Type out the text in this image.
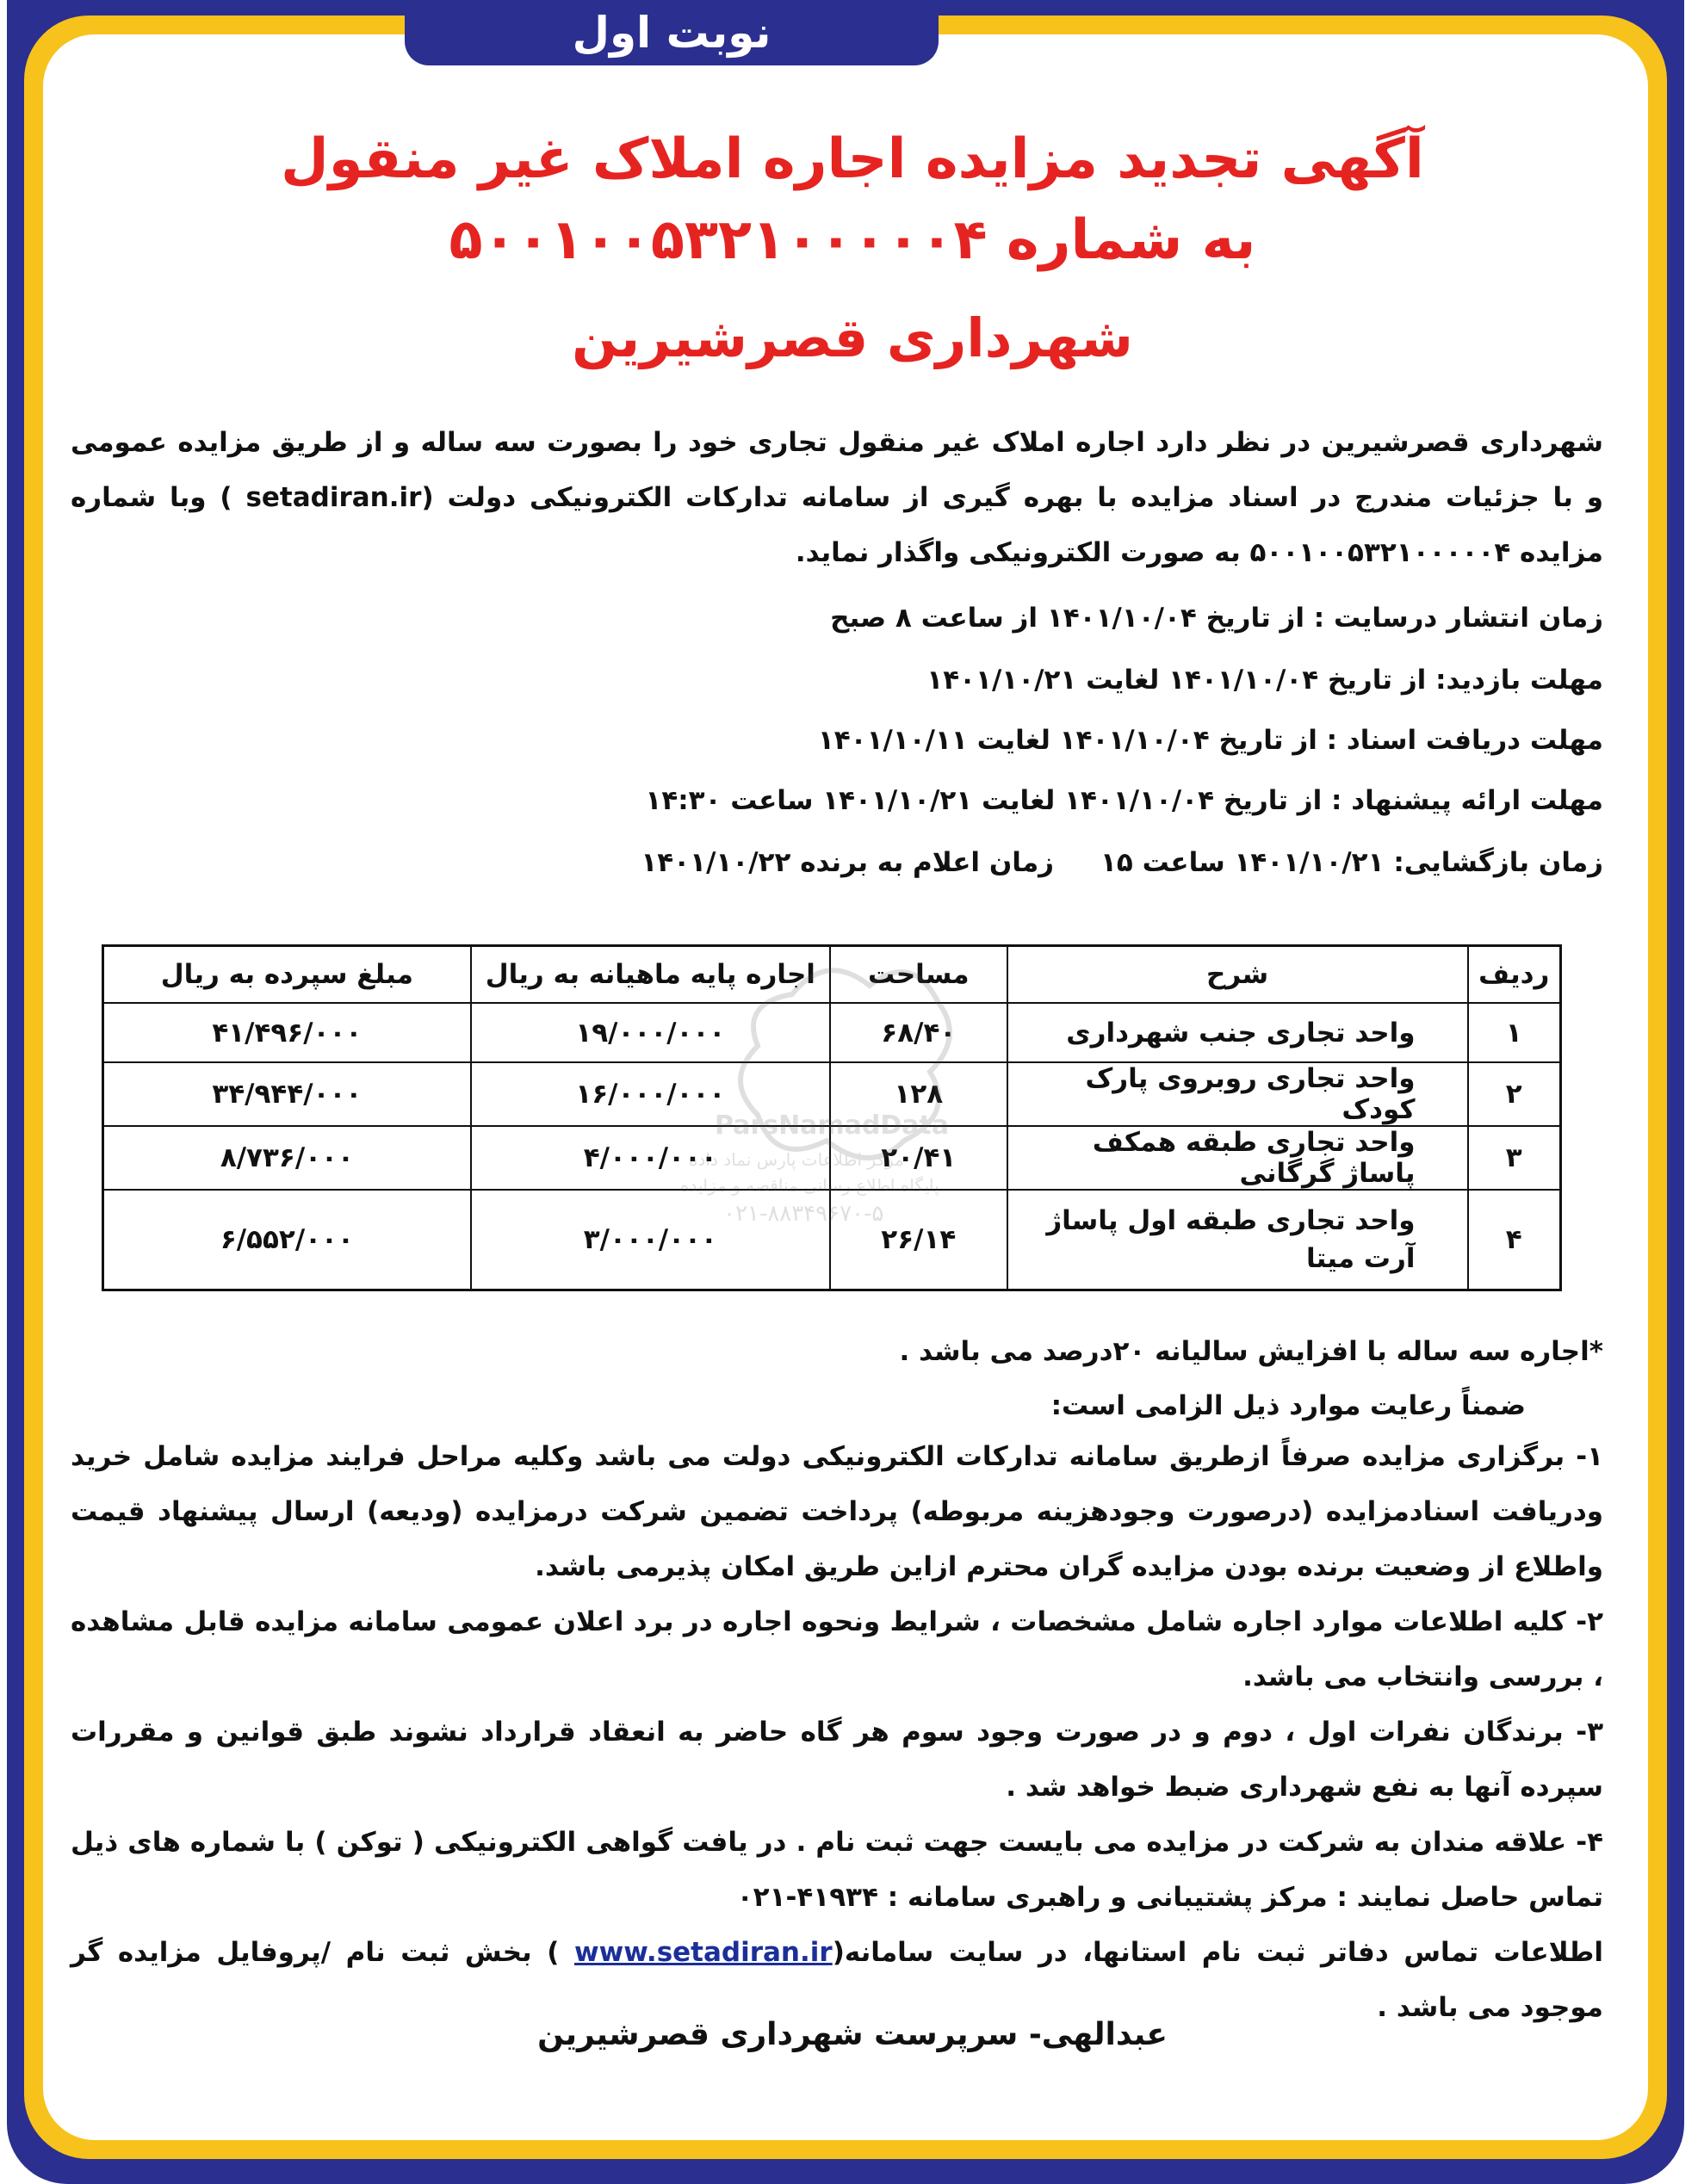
نوبت اول
آگهی تجدید مزایده اجاره املاک غیر منقول
به شماره ۵۰۰۱۰۰۵۳۲۱۰۰۰۰۰۴
شهرداری قصرشیرین
شهرداری قصرشیرین در نظر دارد اجاره املاک غیر منقول تجاری خود را بصورت سه ساله و از طریق مزایده عمومی و با جزئیات مندرج در اسناد مزایده با بهره گیری از سامانه تدارکات الکترونیکی دولت (setadiran.ir ) وبا شماره مزایده ۵۰۰۱۰۰۵۳۲۱۰۰۰۰۰۴ به صورت الکترونیکی واگذار نماید.
زمان انتشار درسایت : از تاریخ ۱۴۰۱/۱۰/۰۴ از ساعت ۸ صبح
مهلت بازدید: از تاریخ ۱۴۰۱/۱۰/۰۴ لغایت ۱۴۰۱/۱۰/۲۱
مهلت دریافت اسناد : از تاریخ ۱۴۰۱/۱۰/۰۴ لغایت ۱۴۰۱/۱۰/۱۱
مهلت ارائه پیشنهاد : از تاریخ ۱۴۰۱/۱۰/۰۴ لغایت ۱۴۰۱/۱۰/۲۱ ساعت ۱۴:۳۰
زمان بازگشایی: ۱۴۰۱/۱۰/۲۱ ساعت ۱۵
زمان اعلام به برنده ۱۴۰۱/۱۰/۲۲
ردیف	شرح	مساحت	اجاره پایه ماهیانه به ریال	مبلغ سپرده به ریال
۱	واحد تجاری جنب شهرداری	۶۸/۴۰	۱۹/۰۰۰/۰۰۰	۴۱/۴۹۶/۰۰۰
۲	واحد تجاری روبروی پارک کودک	۱۲۸	۱۶/۰۰۰/۰۰۰	۳۴/۹۴۴/۰۰۰
۳	واحد تجاری طبقه همکف پاساژ گرگانی	۲۰/۴۱	۴/۰۰۰/۰۰۰	۸/۷۳۶/۰۰۰
۴	واحد تجاری طبقه اول پاساژ آرت میتا	۲۶/۱۴	۳/۰۰۰/۰۰۰	۶/۵۵۲/۰۰۰
*اجاره سه ساله با افزایش سالیانه ۲۰درصد می باشد .
ضمناً رعایت موارد ذیل الزامی است:
۱- برگزاری مزایده صرفاً ازطریق سامانه تدارکات الکترونیکی دولت می باشد وکلیه مراحل فرایند مزایده شامل خرید ودریافت اسنادمزایده (درصورت وجودهزینه مربوطه) پرداخت تضمین شرکت درمزایده (ودیعه) ارسال پیشنهاد قیمت واطلاع از وضعیت برنده بودن مزایده گران محترم ازاین طریق امکان پذیرمی باشد.
۲- کلیه اطلاعات موارد اجاره شامل مشخصات ، شرایط ونحوه اجاره در برد اعلان عمومی سامانه مزایده قابل مشاهده ، بررسی وانتخاب می باشد.
۳- برندگان نفرات اول ، دوم و در صورت وجود سوم هر گاه حاضر به انعقاد قرارداد نشوند طبق قوانین و مقررات سپرده آنها به نفع شهرداری ضبط خواهد شد .
۴- علاقه مندان به شرکت در مزایده می بایست جهت ثبت نام . در یافت گواهی الکترونیکی ( توکن ) با شماره های ذیل تماس حاصل نمایند : مرکز پشتیبانی و راهبری سامانه : ۴۱۹۳۴-۰۲۱
اطلاعات تماس دفاتر ثبت نام استانها، در سایت سامانه(www.setadiran.ir ) بخش ثبت نام /پروفایل مزایده گر موجود می باشد .
عبدالهی- سرپرست شهرداری قصرشیرین
